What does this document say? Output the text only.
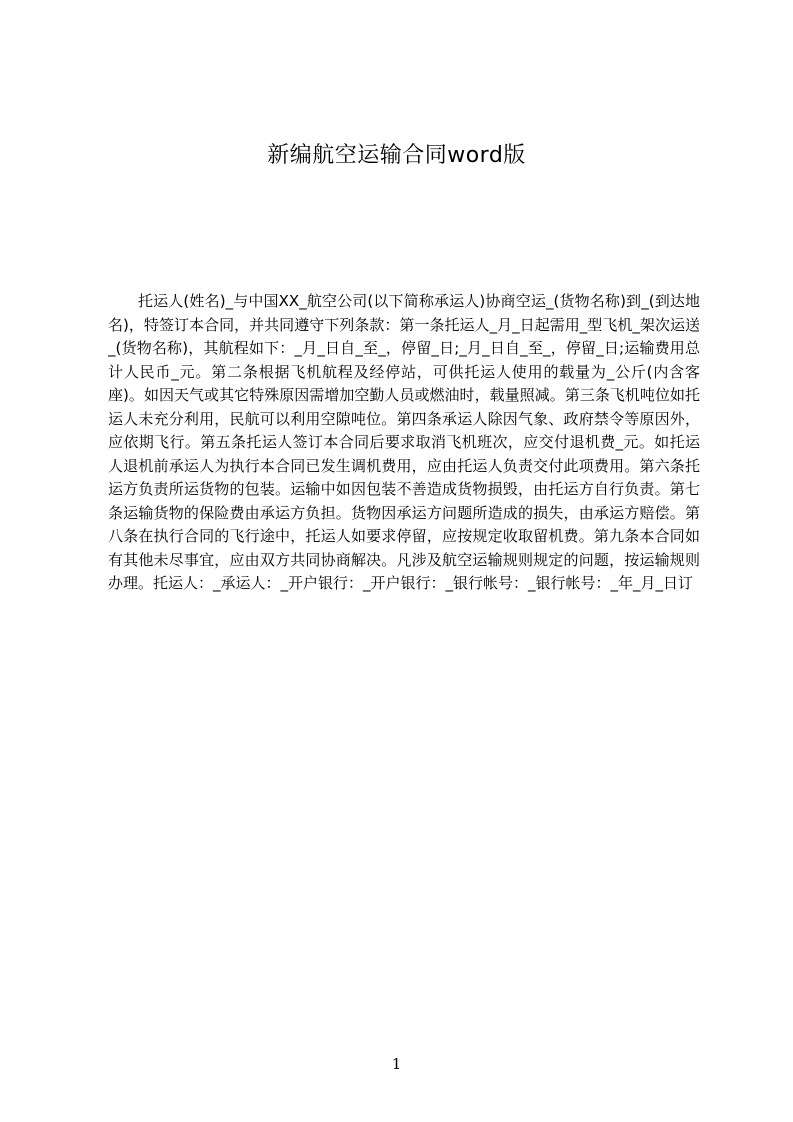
新编航空运输合同word版
托运人(姓名)_与中国XX_航空公司(以下简称承运人)协商空运_(货物名称)到_(到达地名)，特签订本合同，并共同遵守下列条款：第一条托运人_月_日起需用_型飞机_架次运送_(货物名称)，其航程如下：_月_日自_至_，停留_日;_月_日自_至_，停留_日;运输费用总计人民币_元。第二条根据飞机航程及经停站，可供托运人使用的载量为_公斤(内含客座)。如因天气或其它特殊原因需增加空勤人员或燃油时，载量照减。第三条飞机吨位如托运人未充分利用，民航可以利用空隙吨位。第四条承运人除因气象、政府禁令等原因外，应依期飞行。第五条托运人签订本合同后要求取消飞机班次，应交付退机费_元。如托运人退机前承运人为执行本合同已发生调机费用，应由托运人负责交付此项费用。第六条托运方负责所运货物的包装。运输中如因包装不善造成货物损毁，由托运方自行负责。第七条运输货物的保险费由承运方负担。货物因承运方问题所造成的损失，由承运方赔偿。第八条在执行合同的飞行途中，托运人如要求停留，应按规定收取留机费。第九条本合同如有其他未尽事宜，应由双方共同协商解决。凡涉及航空运输规则规定的问题，按运输规则办理。托运人：_承运人：_开户银行：_开户银行：_银行帐号：_银行帐号：_年_月_日订
1
